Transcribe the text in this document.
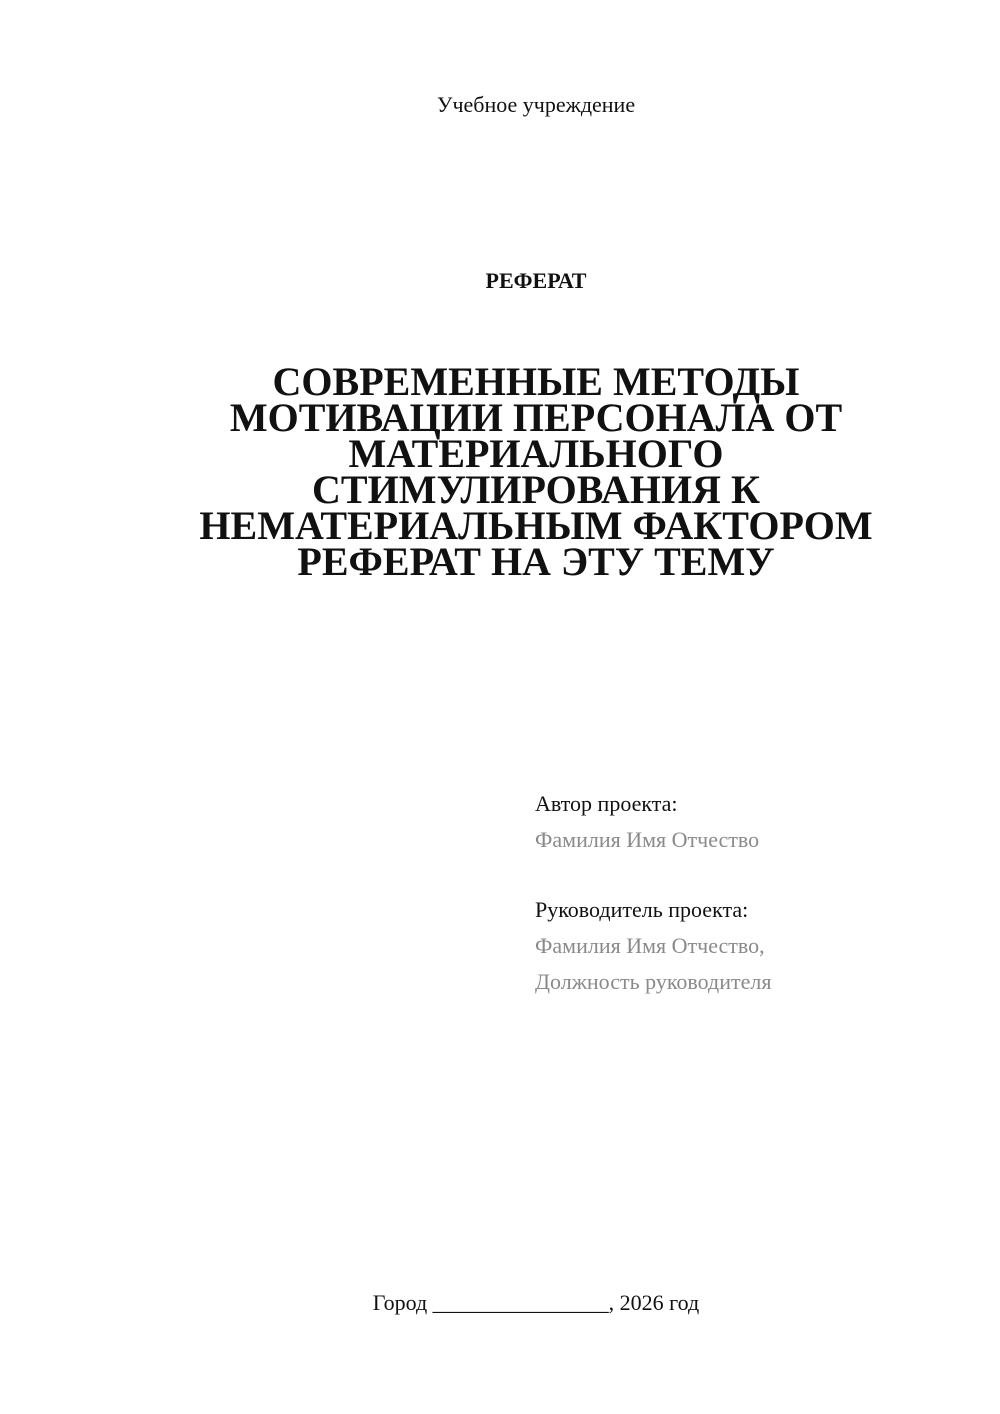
Учебное учреждение
РЕФЕРАТ
СОВРЕМЕННЫЕ МЕТОДЫ
МОТИВАЦИИ ПЕРСОНАЛА ОТ
МАТЕРИАЛЬНОГО
СТИМУЛИРОВАНИЯ К
НЕМАТЕРИАЛЬНЫМ ФАКТОРОМ
РЕФЕРАТ НА ЭТУ ТЕМУ
Автор проекта:
Фамилия Имя Отчество
Руководитель проекта:
Фамилия Имя Отчество,
Должность руководителя
Город ________________, 2026 год
